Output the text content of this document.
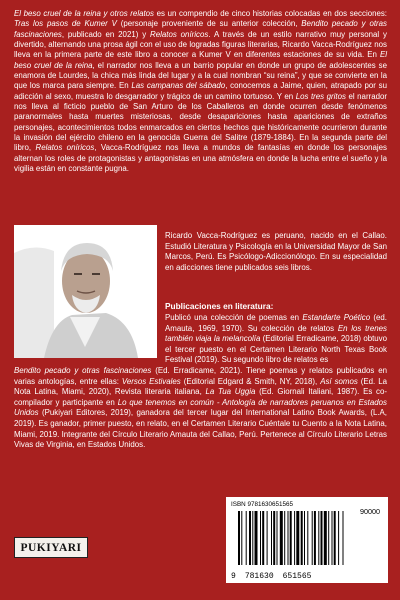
El beso cruel de la reina y otros relatos es un compendio de cinco historias colocadas en dos secciones: Tras los pasos de Kumer V (personaje proveniente de su anterior colección, Bendito pecado y otras fascinaciones, publicado en 2021) y Relatos oníricos. A través de un estilo narrativo muy personal y divertido, alternando una prosa ágil con el uso de logradas figuras literarias, Ricardo Vacca-Rodríguez nos lleva en la primera parte de este libro a conocer a Kumer V en diferentes estaciones de su vida. En El beso cruel de la reina, el narrador nos lleva a un barrio popular en donde un grupo de adolescentes se enamora de Lourdes, la chica más linda del lugar y a la cual nombran “su reina”, y que se convierte en la que los marca para siempre. En Las campanas del sábado, conocemos a Jaime, quien, atrapado por su adicción al sexo, muestra lo desgarrador y trágico de un camino tortuoso. Y en Los tres gritos el narrador nos lleva al ficticio pueblo de San Arturo de los Caballeros en donde ocurren desde fenómenos paranormales hasta muertes misteriosas, desde desapariciones hasta apariciones de extraños personajes, acontecimientos todos enmarcados en ciertos hechos que históricamente ocurrieron durante la invasión del ejército chileno en la genocida Guerra del Salitre (1879-1884). En la segunda parte del libro, Relatos oníricos, Vacca-Rodríguez nos lleva a mundos de fantasías en donde los personajes alternan los roles de protagonistas y antagonistas en una atmósfera en donde la lucha entre el sueño y la vigilia están en constante pugna.

Ricardo Vacca-Rodríguez es peruano, nacido en el Callao. Estudió Literatura y Psicología en la Universidad Mayor de San Marcos, Perú. Es Psicólogo-Adiccionólogo. En su especialidad en adicciones tiene publicados seis libros.

Publicaciones en literatura:

Publicó una colección de poemas en Estandarte Poético (ed. Amauta, 1969, 1970). Su colección de relatos En los trenes también viaja la melancolía (Editorial Erradicame, 2018) obtuvo el tercer puesto en el Certamen Literario North Texas Book Festival (2019). Su segundo libro de relatos es

Bendito pecado y otras fascinaciones (Ed. Erradicame, 2021). Tiene poemas y relatos publicados en varias antologías, entre ellas: Versos Estivales (Editorial Edgard & Smith, NY, 2018), Así somos (Ed. La Nota Latina, Miami, 2020), Revista literaria italiana, La Tua Uggia (Ed. Giornali Italiani, 1987). Es co-compilador y participante en Lo que tenemos en común - Antología de narradores peruanos en Estados Unidos (Pukiyari Editores, 2019), ganadora del tercer lugar del International Latino Book Awards, (L.A, 2019). Es ganador, primer puesto, en relato, en el Certamen Literario Cuéntale tu Cuento a la Nota Latina, Miami, 2019. Integrante del Círculo Literario Amauta del Callao, Perú. Pertenece al Círculo Literario Letras Vivas de Virginia, en Estados Unidos.

PUKIYARI
ISBN 9781630651565
90000
9 781630 651565
